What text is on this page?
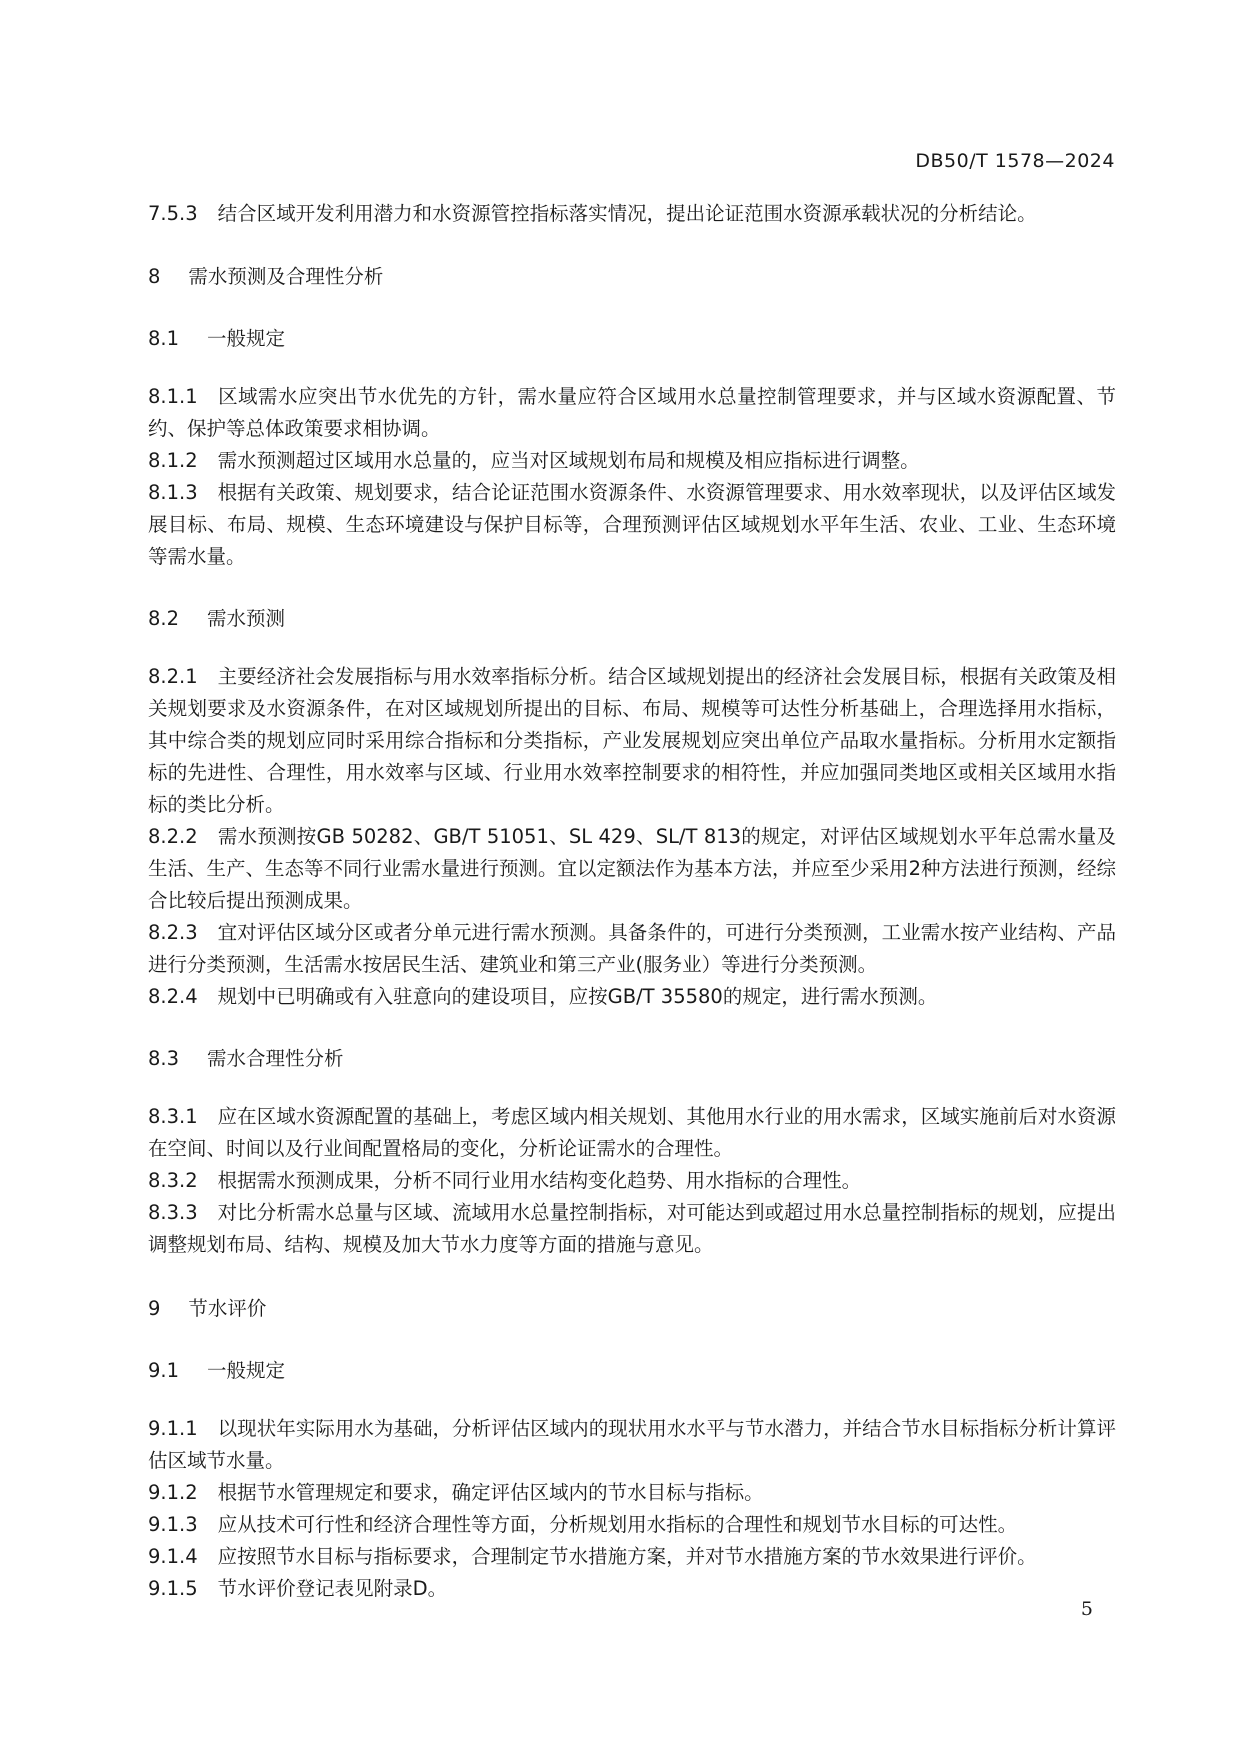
DB50/T 1578—2024

7.5.3 结合区域开发利用潜力和水资源管控指标落实情况，提出论证范围水资源承载状况的分析结论。

8 需水预测及合理性分析

8.1 一般规定

8.1.1 区域需水应突出节水优先的方针，需水量应符合区域用水总量控制管理要求，并与区域水资源配置、节约、保护等总体政策要求相协调。

8.1.2 需水预测超过区域用水总量的，应当对区域规划布局和规模及相应指标进行调整。

8.1.3 根据有关政策、规划要求，结合论证范围水资源条件、水资源管理要求、用水效率现状，以及评估区域发展目标、布局、规模、生态环境建设与保护目标等，合理预测评估区域规划水平年生活、农业、工业、生态环境等需水量。

8.2 需水预测

8.2.1 主要经济社会发展指标与用水效率指标分析。结合区域规划提出的经济社会发展目标，根据有关政策及相关规划要求及水资源条件，在对区域规划所提出的目标、布局、规模等可达性分析基础上，合理选择用水指标，其中综合类的规划应同时采用综合指标和分类指标，产业发展规划应突出单位产品取水量指标。分析用水定额指标的先进性、合理性，用水效率与区域、行业用水效率控制要求的相符性，并应加强同类地区或相关区域用水指标的类比分析。

8.2.2 需水预测按GB 50282、GB/T 51051、SL 429、SL/T 813的规定，对评估区域规划水平年总需水量及生活、生产、生态等不同行业需水量进行预测。宜以定额法作为基本方法，并应至少采用2种方法进行预测，经综合比较后提出预测成果。

8.2.3 宜对评估区域分区或者分单元进行需水预测。具备条件的，可进行分类预测，工业需水按产业结构、产品进行分类预测，生活需水按居民生活、建筑业和第三产业(服务业）等进行分类预测。

8.2.4 规划中已明确或有入驻意向的建设项目，应按GB/T 35580的规定，进行需水预测。

8.3 需水合理性分析

8.3.1 应在区域水资源配置的基础上，考虑区域内相关规划、其他用水行业的用水需求，区域实施前后对水资源在空间、时间以及行业间配置格局的变化，分析论证需水的合理性。

8.3.2 根据需水预测成果，分析不同行业用水结构变化趋势、用水指标的合理性。

8.3.3 对比分析需水总量与区域、流域用水总量控制指标，对可能达到或超过用水总量控制指标的规划，应提出调整规划布局、结构、规模及加大节水力度等方面的措施与意见。

9 节水评价

9.1 一般规定

9.1.1 以现状年实际用水为基础，分析评估区域内的现状用水水平与节水潜力，并结合节水目标指标分析计算评估区域节水量。

9.1.2 根据节水管理规定和要求，确定评估区域内的节水目标与指标。

9.1.3 应从技术可行性和经济合理性等方面，分析规划用水指标的合理性和规划节水目标的可达性。

9.1.4 应按照节水目标与指标要求，合理制定节水措施方案，并对节水措施方案的节水效果进行评价。

9.1.5 节水评价登记表见附录D。

5
